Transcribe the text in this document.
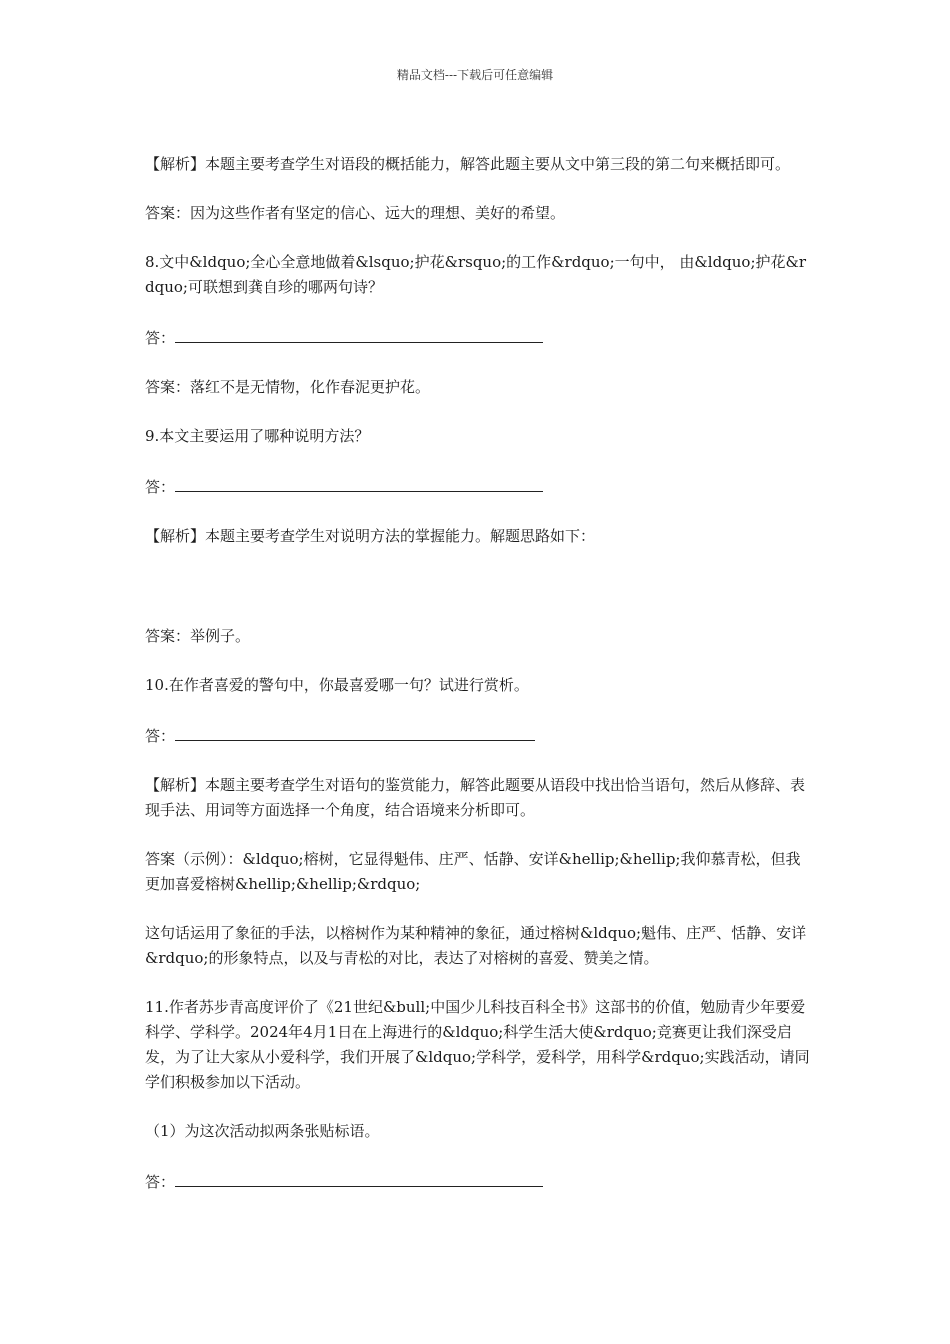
精品文档---下载后可任意编辑

【解析】本题主要考查学生对语段的概括能力，解答此题主要从文中第三段的第二句来概括即可。

答案：因为这些作者有坚定的信心、远大的理想、美好的希望。

8.文中&ldquo;全心全意地做着&lsquo;护花&rsquo;的工作&rdquo;一句中， 由&ldquo;护花&rdquo;可联想到龚自珍的哪两句诗？

答：

答案：落红不是无情物，化作春泥更护花。

9.本文主要运用了哪种说明方法？

答：

【解析】本题主要考查学生对说明方法的掌握能力。解题思路如下：

答案：举例子。

10.在作者喜爱的警句中，你最喜爱哪一句？试进行赏析。

答：

【解析】本题主要考查学生对语句的鉴赏能力，解答此题要从语段中找出恰当语句，然后从修辞、表现手法、用词等方面选择一个角度，结合语境来分析即可。

答案（示例）：&ldquo;榕树，它显得魁伟、庄严、恬静、安详&hellip;&hellip;我仰慕青松，但我更加喜爱榕树&hellip;&hellip;&rdquo;

这句话运用了象征的手法，以榕树作为某种精神的象征，通过榕树&ldquo;魁伟、庄严、恬静、安详&rdquo;的形象特点，以及与青松的对比，表达了对榕树的喜爱、赞美之情。

11.作者苏步青高度评价了《21世纪&bull;中国少儿科技百科全书》这部书的价值，勉励青少年要爱科学、学科学。2024年4月1日在上海进行的&ldquo;科学生活大使&rdquo;竞赛更让我们深受启发，为了让大家从小爱科学，我们开展了&ldquo;学科学，爱科学，用科学&rdquo;实践活动，请同学们积极参加以下活动。

（1）为这次活动拟两条张贴标语。

答：
